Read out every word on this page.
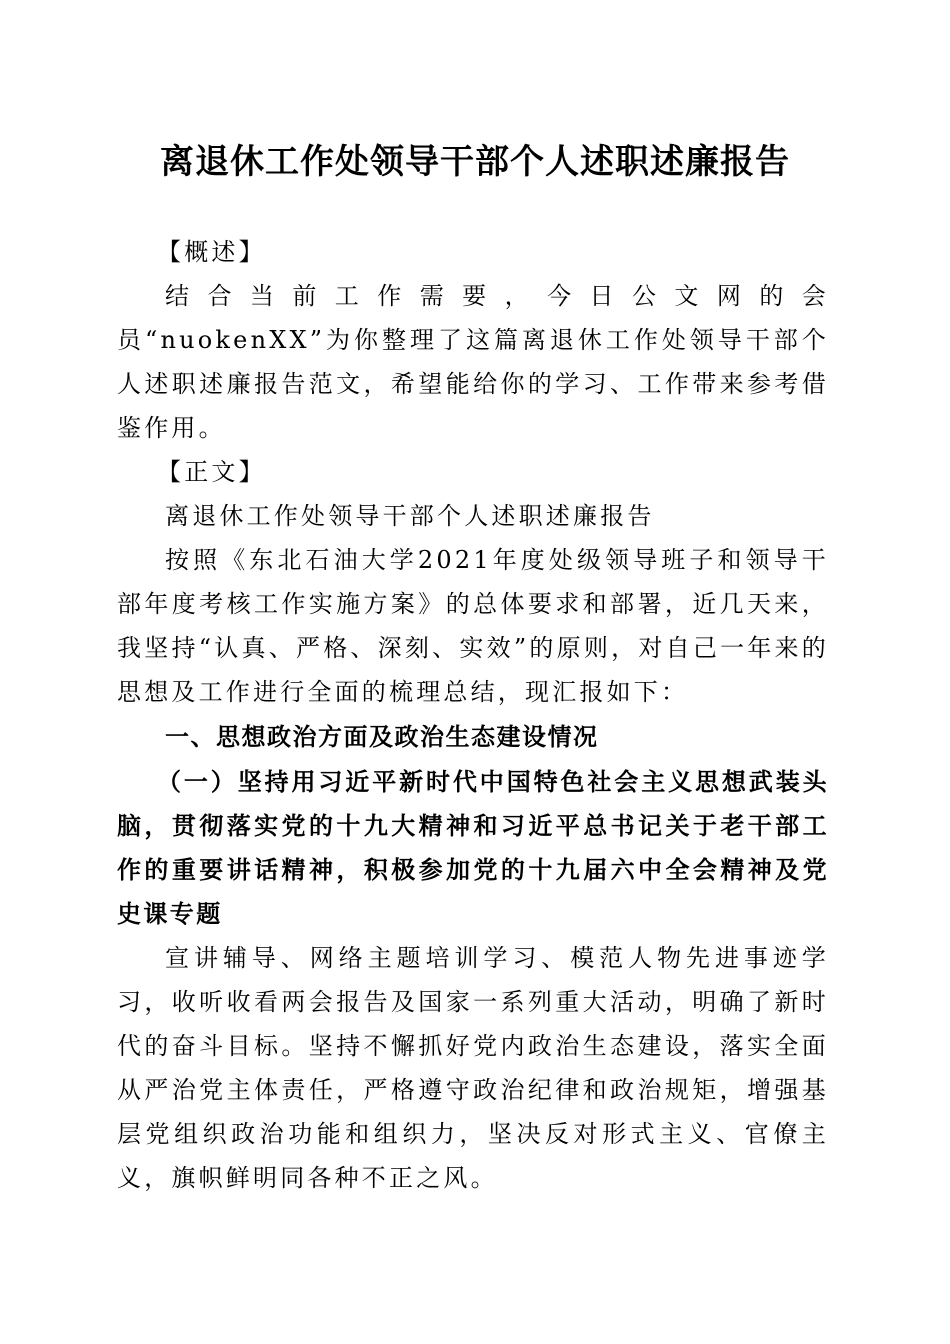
离退休工作处领导干部个人述职述廉报告

【概述】

结合当前工作需要，今日公文网的会员“nuokenXX”为你整理了这篇离退休工作处领导干部个人述职述廉报告范文，希望能给你的学习、工作带来参考借鉴作用。

【正文】

离退休工作处领导干部个人述职述廉报告

按照《东北石油大学2021年度处级领导班子和领导干部年度考核工作实施方案》的总体要求和部署，近几天来，我坚持“认真、严格、深刻、实效”的原则，对自己一年来的思想及工作进行全面的梳理总结，现汇报如下：

一、思想政治方面及政治生态建设情况

（一）坚持用习近平新时代中国特色社会主义思想武装头脑，贯彻落实党的十九大精神和习近平总书记关于老干部工作的重要讲话精神，积极参加党的十九届六中全会精神及党史课专题

宣讲辅导、网络主题培训学习、模范人物先进事迹学习，收听收看两会报告及国家一系列重大活动，明确了新时代的奋斗目标。坚持不懈抓好党内政治生态建设，落实全面从严治党主体责任，严格遵守政治纪律和政治规矩，增强基层党组织政治功能和组织力，坚决反对形式主义、官僚主义，旗帜鲜明同各种不正之风。
